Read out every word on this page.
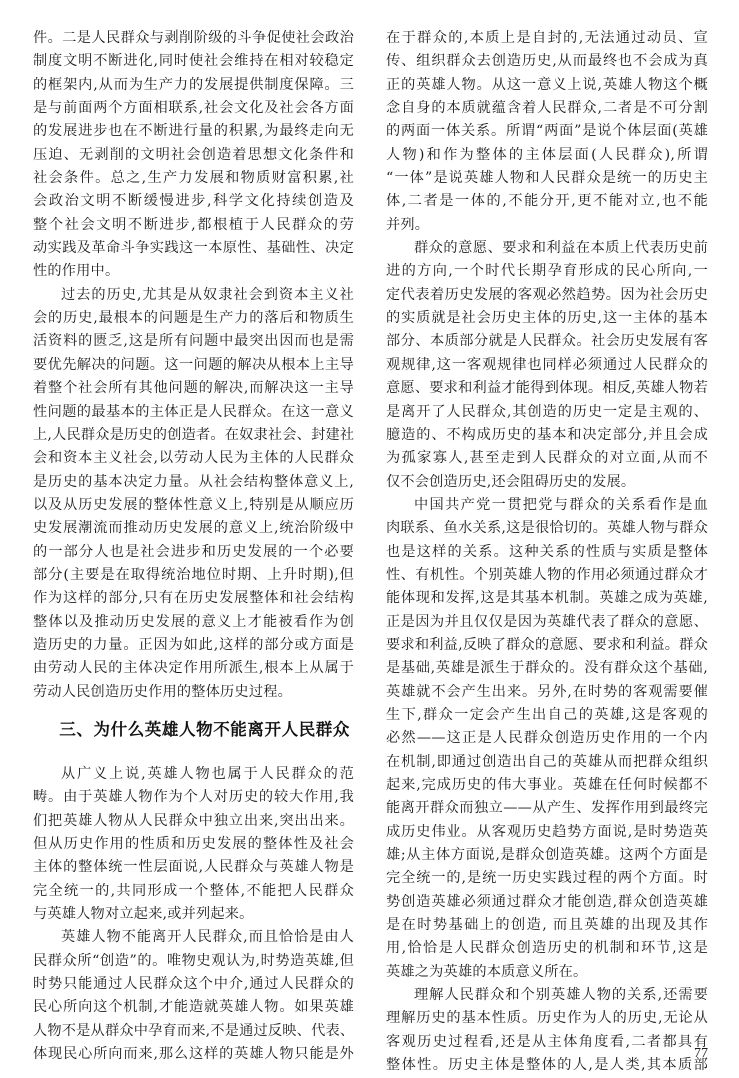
件。二是人民群众与剥削阶级的斗争促使社会政治
制度文明不断进化,同时使社会维持在相对较稳定
的框架内,从而为生产力的发展提供制度保障。三
是与前面两个方面相联系,社会文化及社会各方面
的发展进步也在不断进行量的积累,为最终走向无
压迫、无剥削的文明社会创造着思想文化条件和
社会条件。总之,生产力发展和物质财富积累,社
会政治文明不断缓慢进步,科学文化持续创造及
整个社会文明不断进步,都根植于人民群众的劳
动实践及革命斗争实践这一本原性、基础性、决定
性的作用中。
过去的历史,尤其是从奴隶社会到资本主义社
会的历史,最根本的问题是生产力的落后和物质生
活资料的匮乏,这是所有问题中最突出因而也是需
要优先解决的问题。这一问题的解决从根本上主导
着整个社会所有其他问题的解决,而解决这一主导
性问题的最基本的主体正是人民群众。在这一意义
上,人民群众是历史的创造者。在奴隶社会、封建社
会和资本主义社会,以劳动人民为主体的人民群众
是历史的基本决定力量。从社会结构整体意义上,
以及从历史发展的整体性意义上,特别是从顺应历
史发展潮流而推动历史发展的意义上,统治阶级中
的一部分人也是社会进步和历史发展的一个必要
部分(主要是在取得统治地位时期、上升时期),但
作为这样的部分,只有在历史发展整体和社会结构
整体以及推动历史发展的意义上才能被看作为创
造历史的力量。正因为如此,这样的部分或方面是
由劳动人民的主体决定作用所派生,根本上从属于
劳动人民创造历史作用的整体历史过程。
三、为什么英雄人物不能离开人民群众
从广义上说,英雄人物也属于人民群众的范
畴。由于英雄人物作为个人对历史的较大作用,我
们把英雄人物从人民群众中独立出来,突出出来。
但从历史作用的性质和历史发展的整体性及社会
主体的整体统一性层面说,人民群众与英雄人物是
完全统一的,共同形成一个整体,不能把人民群众
与英雄人物对立起来,或并列起来。
英雄人物不能离开人民群众,而且恰恰是由人
民群众所“创造”的。唯物史观认为,时势造英雄,但
时势只能通过人民群众这个中介,通过人民群众的
民心所向这个机制,才能造就英雄人物。如果英雄
人物不是从群众中孕育而来,不是通过反映、代表、
体现民心所向而来,那么这样的英雄人物只能是外
在于群众的,本质上是自封的,无法通过动员、宣
传、组织群众去创造历史,从而最终也不会成为真
正的英雄人物。从这一意义上说,英雄人物这个概
念自身的本质就蕴含着人民群众,二者是不可分割
的两面一体关系。所谓“两面”是说个体层面(英雄
人物)和作为整体的主体层面(人民群众),所谓
“一体”是说英雄人物和人民群众是统一的历史主
体,二者是一体的,不能分开,更不能对立,也不能
并列。
群众的意愿、要求和利益在本质上代表历史前
进的方向,一个时代长期孕育形成的民心所向,一
定代表着历史发展的客观必然趋势。因为社会历史
的实质就是社会历史主体的历史,这一主体的基本
部分、本质部分就是人民群众。社会历史发展有客
观规律,这一客观规律也同样必须通过人民群众的
意愿、要求和利益才能得到体现。相反,英雄人物若
是离开了人民群众,其创造的历史一定是主观的、
臆造的、不构成历史的基本和决定部分,并且会成
为孤家寡人,甚至走到人民群众的对立面,从而不
仅不会创造历史,还会阻碍历史的发展。
中国共产党一贯把党与群众的关系看作是血
肉联系、鱼水关系,这是很恰切的。英雄人物与群众
也是这样的关系。这种关系的性质与实质是整体
性、有机性。个别英雄人物的作用必须通过群众才
能体现和发挥,这是其基本机制。英雄之成为英雄,
正是因为并且仅仅是因为英雄代表了群众的意愿、
要求和利益,反映了群众的意愿、要求和利益。群众
是基础,英雄是派生于群众的。没有群众这个基础,
英雄就不会产生出来。另外,在时势的客观需要催
生下,群众一定会产生出自己的英雄,这是客观的
必然——这正是人民群众创造历史作用的一个内
在机制,即通过创造出自己的英雄从而把群众组织
起来,完成历史的伟大事业。英雄在任何时候都不
能离开群众而独立——从产生、发挥作用到最终完
成历史伟业。从客观历史趋势方面说,是时势造英
雄;从主体方面说,是群众创造英雄。这两个方面是
完全统一的,是统一历史实践过程的两个方面。时
势创造英雄必须通过群众才能创造,群众创造英雄
是在时势基础上的创造, 而且英雄的出现及其作
用,恰恰是人民群众创造历史的机制和环节,这是
英雄之为英雄的本质意义所在。
理解人民群众和个别英雄人物的关系,还需要
理解历史的基本性质。历史作为人的历史,无论从
客观历史过程看,还是从主体角度看,二者都具有
整体性。历史主体是整体的人,是人类,其本质部
77
